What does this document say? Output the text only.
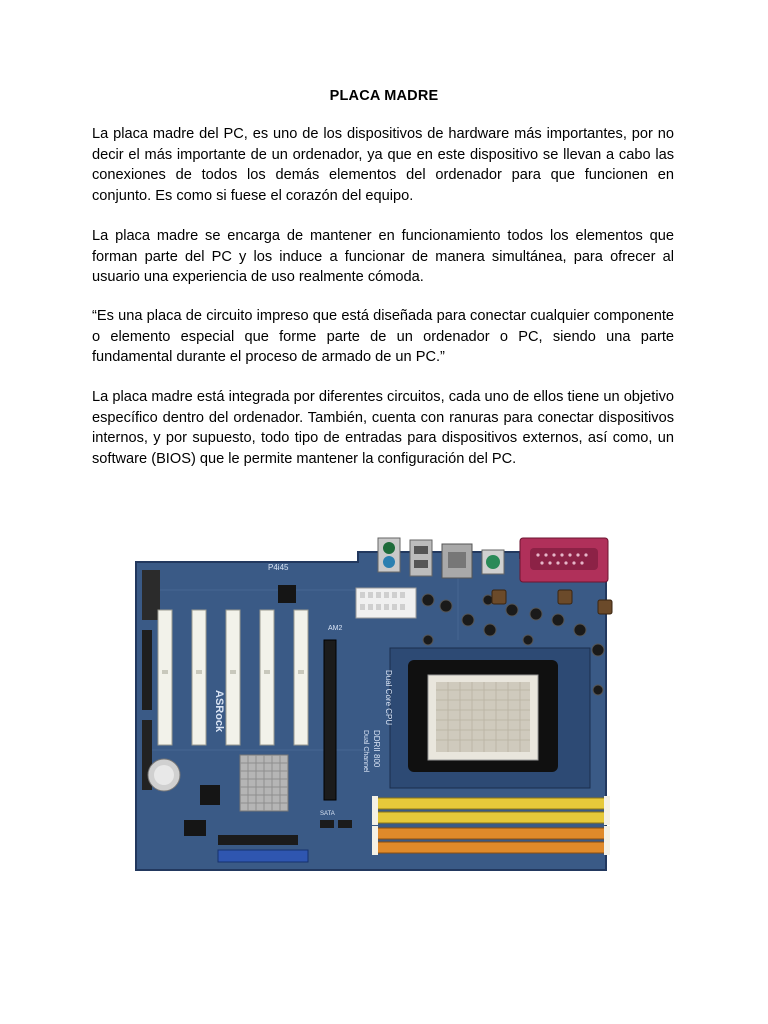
PLACA MADRE

La placa madre del PC, es uno de los dispositivos de hardware más importantes, por no decir el más importante de un ordenador, ya que en este dispositivo se llevan a cabo las conexiones de todos los demás elementos del ordenador para que funcionen en conjunto. Es como si fuese el corazón del equipo.

La placa madre se encarga de mantener en funcionamiento todos los elementos que forman parte del PC y los induce a funcionar de manera simultánea, para ofrecer al usuario una experiencia de uso realmente cómoda.

“Es una placa de circuito impreso que está diseñada para conectar cualquier componente o elemento especial que forme parte de un ordenador o PC, siendo una parte fundamental durante el proceso de armado de un PC.”

La placa madre está integrada por diferentes circuitos, cada uno de ellos tiene un objetivo específico dentro del ordenador. También, cuenta con ranuras para conectar dispositivos internos, y por supuesto, todo tipo de entradas para dispositivos externos, así como, un software (BIOS) que le permite mantener la configuración del PC.

ASRock
P4i45
Dual Core CPU
DDRII 800
Dual Channel
AM2
SATA
